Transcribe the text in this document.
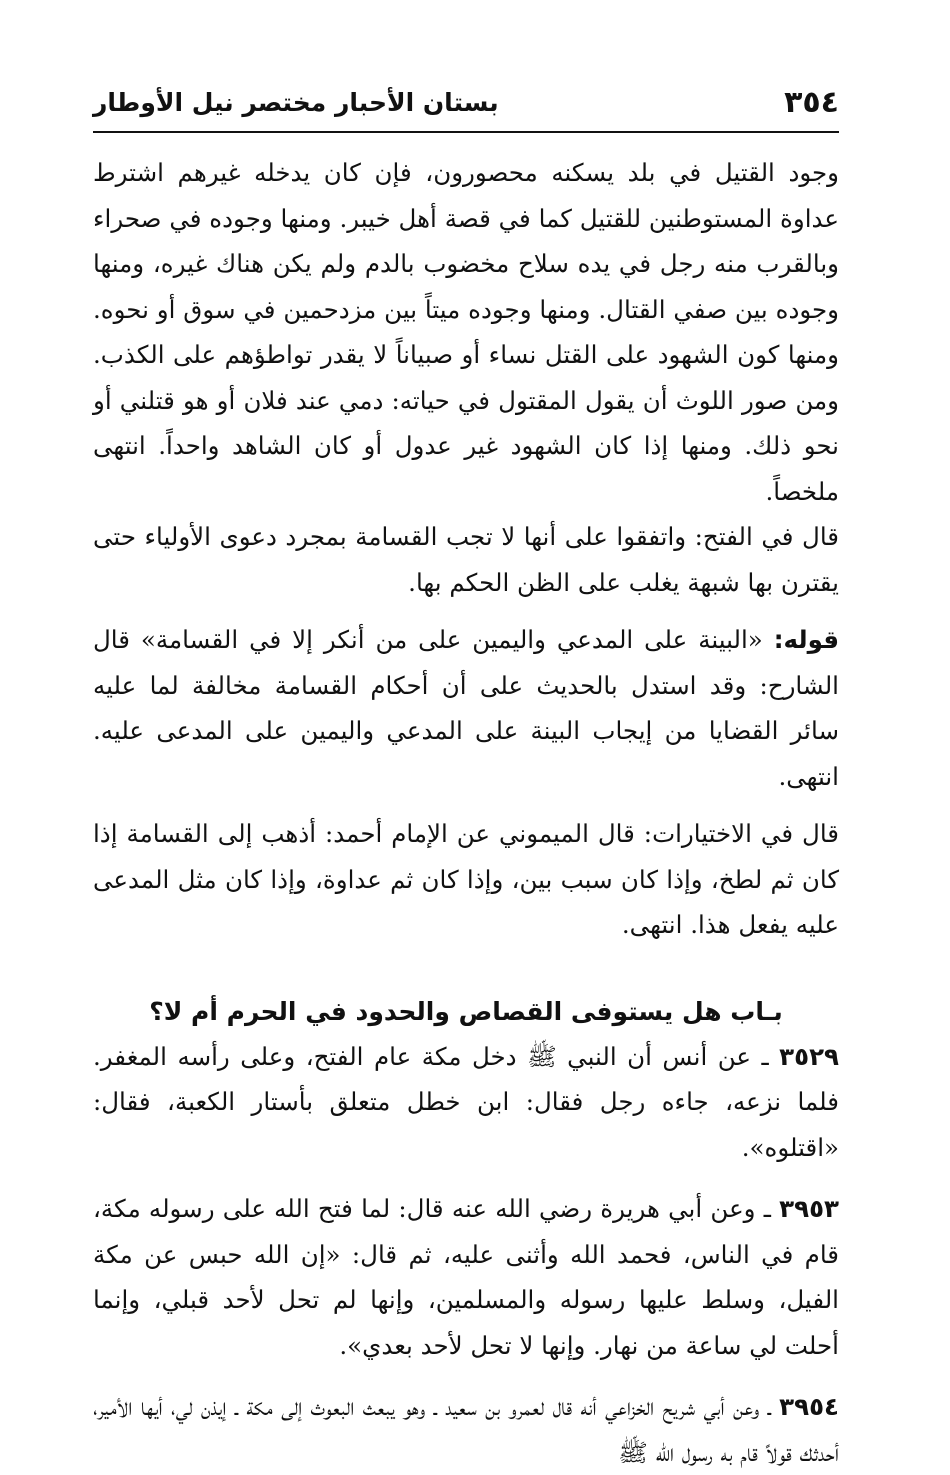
٣٥٤
بستان الأحبار مختصر نيل الأوطار

وجود القتيل في بلد يسكنه محصورون، فإن كان يدخله غيرهم اشترط عداوة المستوطنين للقتيل كما في قصة أهل خيبر. ومنها وجوده في صحراء وبالقرب منه رجل في يده سلاح مخضوب بالدم ولم يكن هناك غيره، ومنها وجوده بين صفي القتال. ومنها وجوده ميتاً بين مزدحمين في سوق أو نحوه. ومنها كون الشهود على القتل نساء أو صبياناً لا يقدر تواطؤهم على الكذب. ومن صور اللوث أن يقول المقتول في حياته: دمي عند فلان أو هو قتلني أو نحو ذلك. ومنها إذا كان الشهود غير عدول أو كان الشاهد واحداً. انتهى ملخصاً.

قال في الفتح: واتفقوا على أنها لا تجب القسامة بمجرد دعوى الأولياء حتى يقترن بها شبهة يغلب على الظن الحكم بها.

قوله: «البينة على المدعي واليمين على من أنكر إلا في القسامة» قال الشارح: وقد استدل بالحديث على أن أحكام القسامة مخالفة لما عليه سائر القضايا من إيجاب البينة على المدعي واليمين على المدعى عليه. انتهى.

قال في الاختيارات: قال الميموني عن الإمام أحمد: أذهب إلى القسامة إذا كان ثم لطخ، وإذا كان سبب بين، وإذا كان ثم عداوة، وإذا كان مثل المدعى عليه يفعل هذا. انتهى.

بـاب هل يستوفى القصاص والحدود في الحرم أم لا؟

٣٥٢٩ ـ عن أنس أن النبي ﷺ دخل مكة عام الفتح، وعلى رأسه المغفر. فلما نزعه، جاءه رجل فقال: ابن خطل متعلق بأستار الكعبة، فقال: «اقتلوه».

٣٩٥٣ ـ وعن أبي هريرة رضي الله عنه قال: لما فتح الله على رسوله مكة، قام في الناس، فحمد الله وأثنى عليه، ثم قال: «إن الله حبس عن مكة الفيل، وسلط عليها رسوله والمسلمين، وإنها لم تحل لأحد قبلي، وإنما أحلت لي ساعة من نهار. وإنها لا تحل لأحد بعدي».

٣٩٥٤ ـ وعن أبي شريح الخزاعي أنه قال لعمرو بن سعيد ـ وهو يبعث البعوث إلى مكة ـ إيذن لي، أيها الأمير، أحدثك قولاً قام به رسول الله ﷺ
